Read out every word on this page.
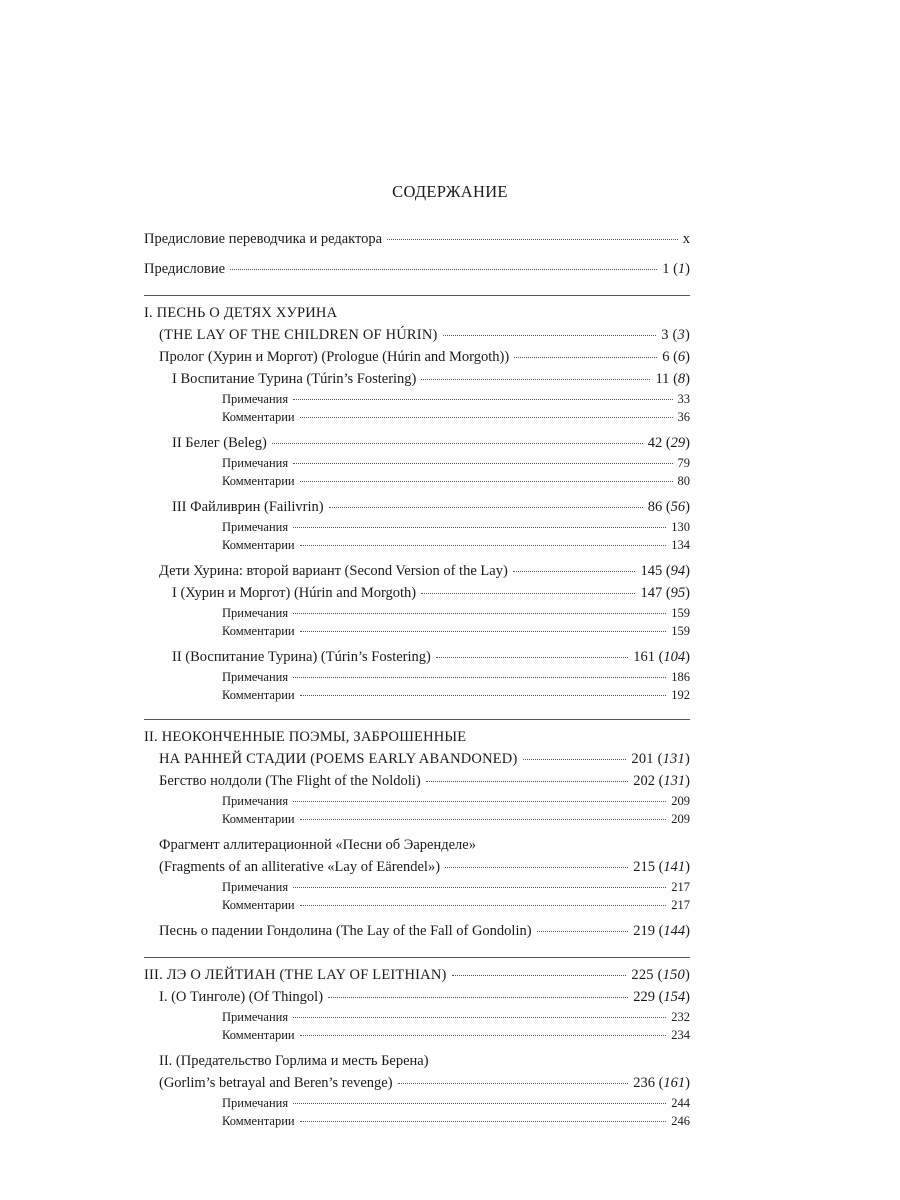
СОДЕРЖАНИЕ
Предисловие переводчика и редактора	x
Предисловие	1 (1)
I. ПЕСНЬ О ДЕТЯХ ХУРИНА
(THE LAY OF THE CHILDREN OF HÚRIN)	3 (3)
Пролог (Хурин и Моргот) (Prologue (Húrin and Morgoth))	6 (6)
I Воспитание Турина (Túrin’s Fostering)	11 (8)
Примечания	33
Комментарии	36
II Белег (Beleg)	42 (29)
Примечания	79
Комментарии	80
III Файливрин (Failivrin)	86 (56)
Примечания	130
Комментарии	134
Дети Хурина: второй вариант (Second Version of the Lay)	145 (94)
I (Хурин и Моргот) (Húrin and Morgoth)	147 (95)
Примечания	159
Комментарии	159
II (Воспитание Турина) (Túrin’s Fostering)	161 (104)
Примечания	186
Комментарии	192
II. НЕОКОНЧЕННЫЕ ПОЭМЫ, ЗАБРОШЕННЫЕ
НА РАННЕЙ СТАДИИ (POEMS EARLY ABANDONED)	201 (131)
Бегство нолдоли (The Flight of the Noldoli)	202 (131)
Примечания	209
Комментарии	209
Фрагмент аллитерационной «Песни об Эаренделе»
(Fragments of an alliterative «Lay of Eärendel»)	215 (141)
Примечания	217
Комментарии	217
Песнь о падении Гондолина (The Lay of the Fall of Gondolin)	219 (144)
III. ЛЭ О ЛЕЙТИАН (THE LAY OF LEITHIAN)	225 (150)
I. (О Тинголе) (Of Thingol)	229 (154)
Примечания	232
Комментарии	234
II. (Предательство Горлима и месть Берена)
(Gorlim’s betrayal and Beren’s revenge)	236 (161)
Примечания	244
Комментарии	246
